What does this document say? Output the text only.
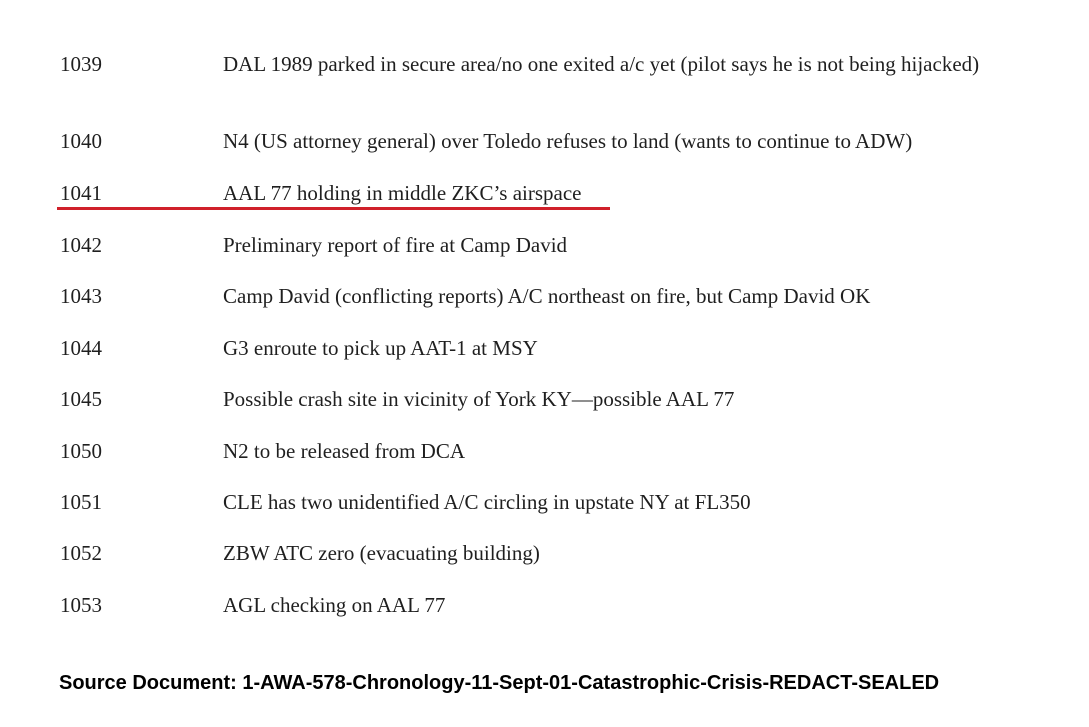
1039	DAL 1989 parked in secure area/no one exited a/c yet (pilot says he is not being hijacked)
1040	N4 (US attorney general) over Toledo refuses to land (wants to continue to ADW)
1041	AAL 77 holding in middle ZKC’s airspace
1042	Preliminary report of fire at Camp David
1043	Camp David (conflicting reports) A/C northeast on fire, but Camp David OK
1044	G3 enroute to pick up AAT-1 at MSY
1045	Possible crash site in vicinity of York KY—possible AAL 77
1050	N2 to be released from DCA
1051	CLE has two unidentified A/C circling in upstate NY at FL350
1052	ZBW ATC zero (evacuating building)
1053	AGL checking on AAL 77
Source Document: 1-AWA-578-Chronology-11-Sept-01-Catastrophic-Crisis-REDACT-SEALED
